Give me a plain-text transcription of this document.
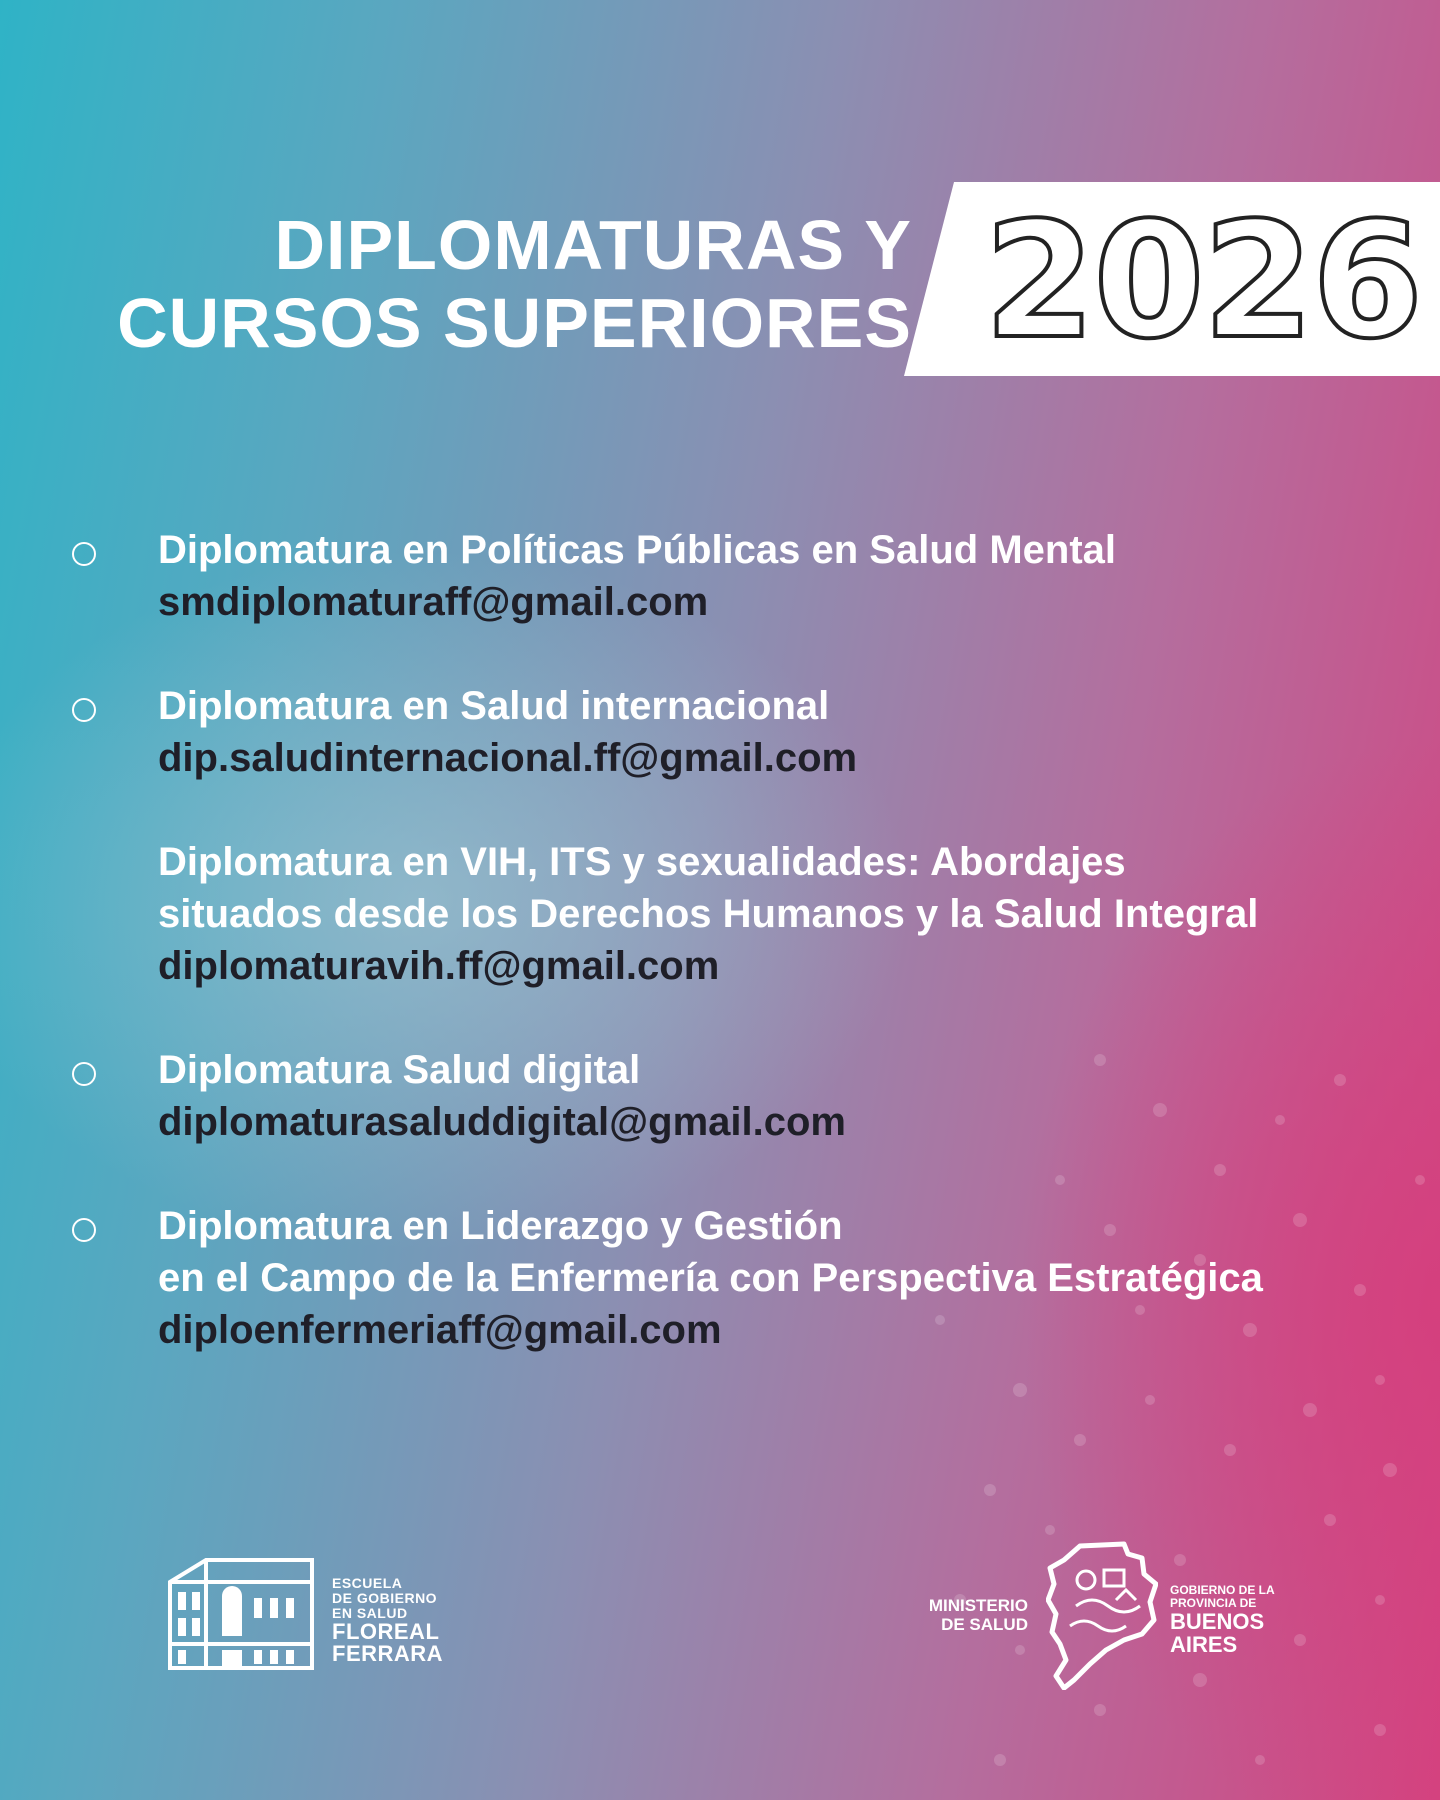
DIPLOMATURAS Y
CURSOS SUPERIORES 2026
Diplomatura en Políticas Públicas en Salud Mental
smdiplomaturaff@gmail.com
Diplomatura en Salud internacional
dip.saludinternacional.ff@gmail.com
Diplomatura en VIH, ITS y sexualidades: Abordajes
situados desde los Derechos Humanos y la Salud Integral
diplomaturavih.ff@gmail.com
Diplomatura Salud digital
diplomaturasaluddigital@gmail.com
Diplomatura en Liderazgo y Gestión
en el Campo de la Enfermería con Perspectiva Estratégica
diploenfermeriaff@gmail.com
ESCUELA
DE GOBIERNO
EN SALUD
FLOREAL
FERRARA
MINISTERIO
DE SALUD
GOBIERNO DE LA
PROVINCIA DE
BUENOS
AIRES
